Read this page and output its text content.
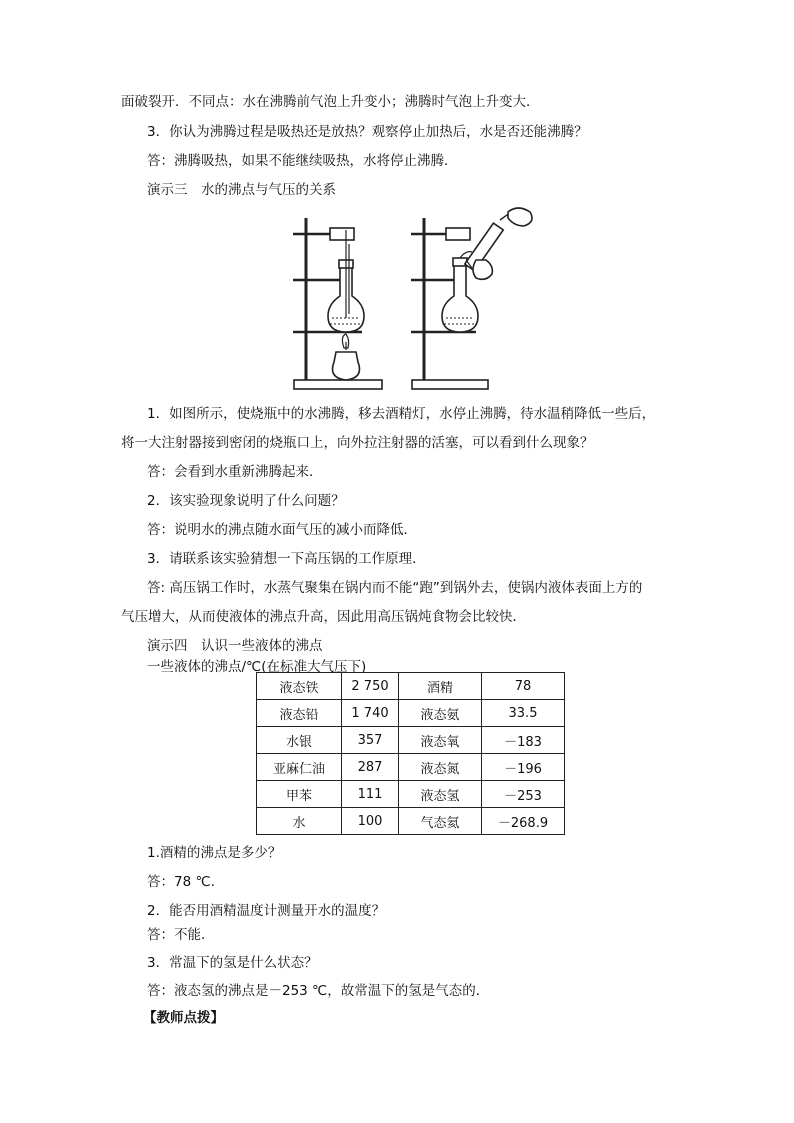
面破裂开．不同点：水在沸腾前气泡上升变小；沸腾时气泡上升变大．
3．你认为沸腾过程是吸热还是放热？观察停止加热后，水是否还能沸腾？
答：沸腾吸热，如果不能继续吸热，水将停止沸腾．
演示三　水的沸点与气压的关系
1．如图所示，使烧瓶中的水沸腾，移去酒精灯，水停止沸腾，待水温稍降低一些后，
将一大注射器接到密闭的烧瓶口上，向外拉注射器的活塞，可以看到什么现象？
答：会看到水重新沸腾起来．
2．该实验现象说明了什么问题？
答：说明水的沸点随水面气压的减小而降低．
3．请联系该实验猜想一下高压锅的工作原理．
答: 高压锅工作时，水蒸气聚集在锅内而不能“跑”到锅外去，使锅内液体表面上方的
气压增大，从而使液体的沸点升高，因此用高压锅炖食物会比较快．
演示四　认识一些液体的沸点
一些液体的沸点/℃(在标准大气压下)
液态铁	2 750	酒精	78
液态铅	1 740	液态氨	33.5
水银	357	液态氧	－183
亚麻仁油	287	液态氮	－196
甲苯	111	液态氢	－253
水	100	气态氦	－268.9
1.酒精的沸点是多少？
答：78 ℃.
2．能否用酒精温度计测量开水的温度？
答：不能．
3．常温下的氢是什么状态？
答：液态氢的沸点是－253 ℃，故常温下的氢是气态的．
【教师点拨】
